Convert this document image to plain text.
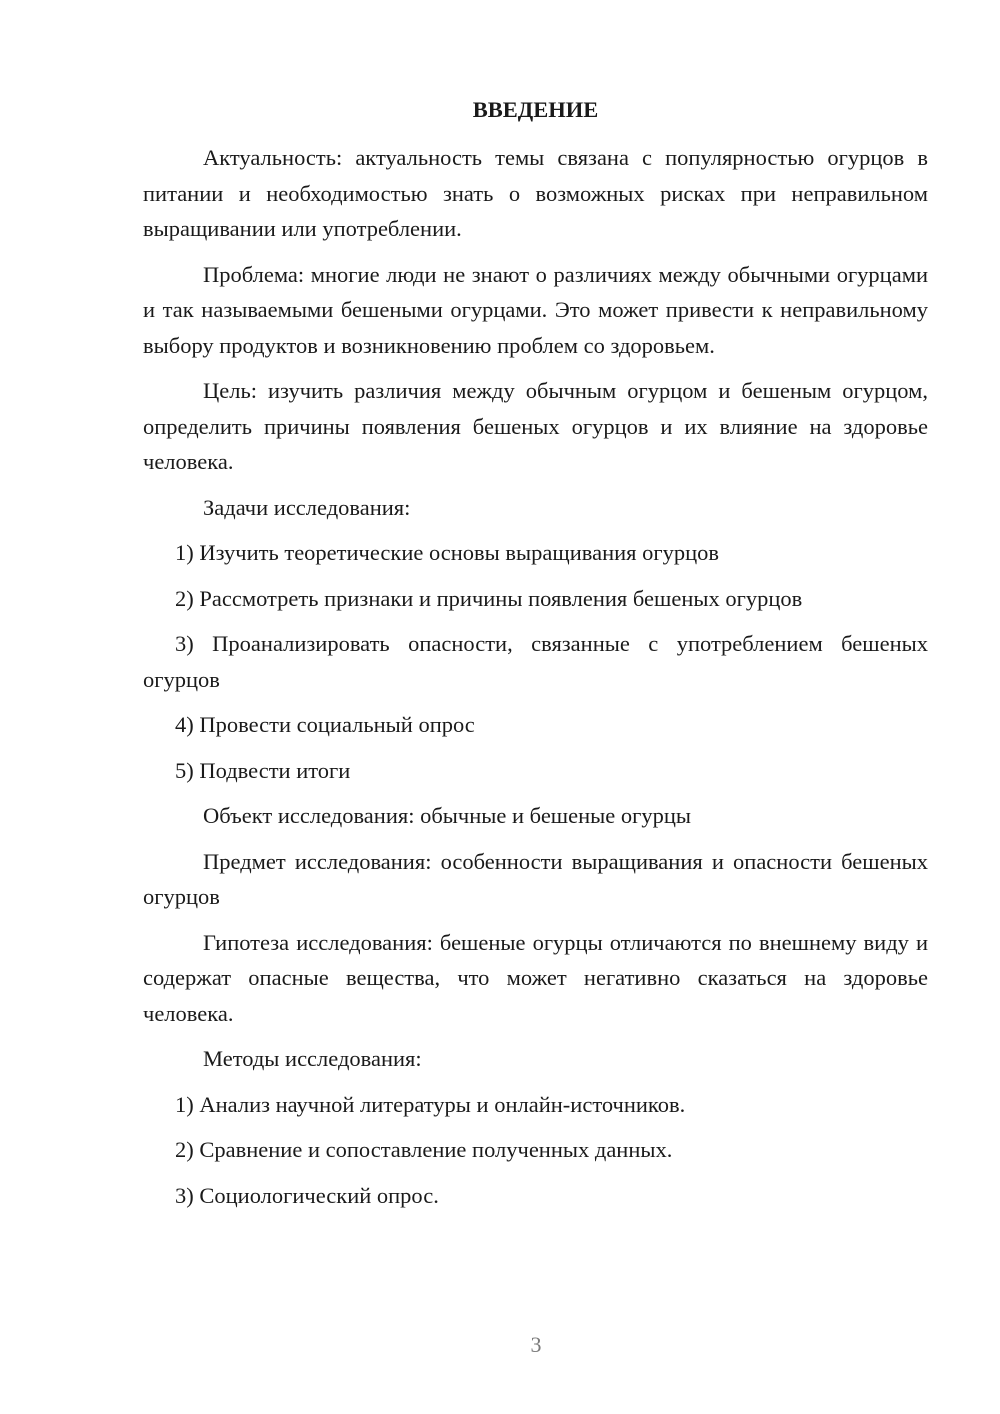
ВВЕДЕНИЕ

Актуальность: актуальность темы связана с популярностью огурцов в питании и необходимостью знать о возможных рисках при неправильном выращивании или употреблении.

Проблема: многие люди не знают о различиях между обычными огурцами и так называемыми бешеными огурцами. Это может привести к неправильному выбору продуктов и возникновению проблем со здоровьем.

Цель: изучить различия между обычным огурцом и бешеным огурцом, определить причины появления бешеных огурцов и их влияние на здоровье человека.

Задачи исследования:

1) Изучить теоретические основы выращивания огурцов

2) Рассмотреть признаки и причины появления бешеных огурцов

3) Проанализировать опасности, связанные с употреблением бешеных огурцов

4) Провести социальный опрос

5) Подвести итоги

Объект исследования: обычные и бешеные огурцы

Предмет исследования: особенности выращивания и опасности бешеных огурцов

Гипотеза исследования: бешеные огурцы отличаются по внешнему виду и содержат опасные вещества, что может негативно сказаться на здоровье человека.

Методы исследования:

1) Анализ научной литературы и онлайн-источников.

2) Сравнение и сопоставление полученных данных.

3) Социологический опрос.

3
